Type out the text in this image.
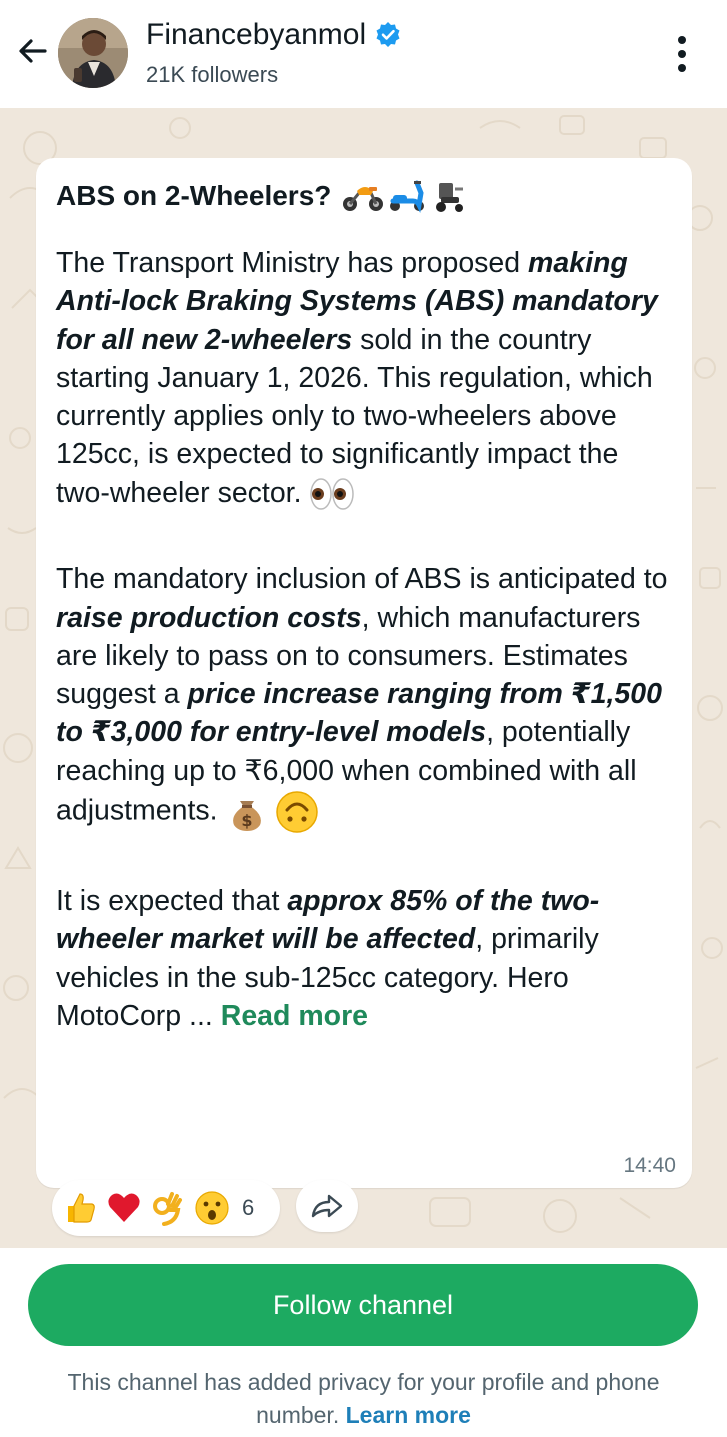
Financebyanmol
21K followers
ABS on 2-Wheelers?

The Transport Ministry has proposed making Anti-lock Braking Systems (ABS) mandatory for all new 2-wheelers sold in the country starting January 1, 2026. This regulation, which currently applies only to two-wheelers above 125cc, is expected to significantly impact the two-wheeler sector.

The mandatory inclusion of ABS is anticipated to raise production costs, which manufacturers are likely to pass on to consumers. Estimates suggest a price increase ranging from ₹1,500 to ₹3,000 for entry-level models, potentially reaching up to ₹6,000 when combined with all adjustments. $

It is expected that approx 85% of the two-wheeler market will be affected, primarily vehicles in the sub-125cc category. Hero MotoCorp ... Read more

14:40
6
Follow channel
This channel has added privacy for your profile and phone number. Learn more
